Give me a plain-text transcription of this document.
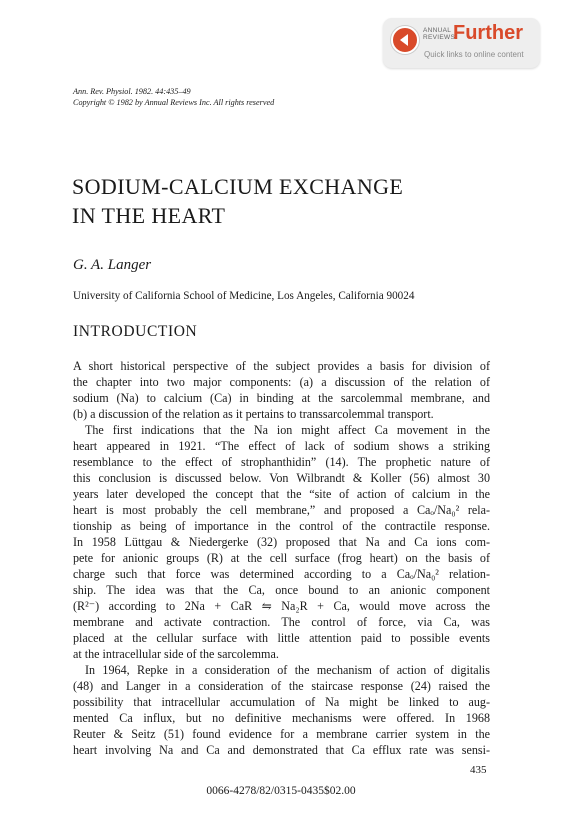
ANNUAL
REVIEWS
Further
Quick links to online content
Ann. Rev. Physiol. 1982. 44:435–49
Copyright © 1982 by Annual Reviews Inc. All rights reserved
SODIUM-CALCIUM EXCHANGE
IN THE HEART
G. A. Langer
University of California School of Medicine, Los Angeles, California 90024
INTRODUCTION
A short historical perspective of the subject provides a basis for division of
the chapter into two major components: (a) a discussion of the relation of
sodium (Na) to calcium (Ca) in binding at the sarcolemmal membrane, and
(b) a discussion of the relation as it pertains to transsarcolemmal transport.
The first indications that the Na ion might affect Ca movement in the
heart appeared in 1921. “The effect of lack of sodium shows a striking
resemblance to the effect of strophanthidin” (14). The prophetic nature of
this conclusion is discussed below. Von Wilbrandt & Koller (56) almost 30
years later developed the concept that the “site of action of calcium in the
heart is most probably the cell membrane,” and proposed a Caₒ/Na₀² rela-
tionship as being of importance in the control of the contractile response.
In 1958 Lüttgau & Niedergerke (32) proposed that Na and Ca ions com-
pete for anionic groups (R) at the cell surface (frog heart) on the basis of
charge such that force was determined according to a Caₒ/Na₀² relation-
ship. The idea was that the Ca, once bound to an anionic component
(R²⁻) according to 2Na + CaR ⇋ Na₂R + Ca, would move across the
membrane and activate contraction. The control of force, via Ca, was
placed at the cellular surface with little attention paid to possible events
at the intracellular side of the sarcolemma.
In 1964, Repke in a consideration of the mechanism of action of digitalis
(48) and Langer in a consideration of the staircase response (24) raised the
possibility that intracellular accumulation of Na might be linked to aug-
mented Ca influx, but no definitive mechanisms were offered. In 1968
Reuter & Seitz (51) found evidence for a membrane carrier system in the
heart involving Na and Ca and demonstrated that Ca efflux rate was sensi-
435
0066-4278/82/0315-0435$02.00
